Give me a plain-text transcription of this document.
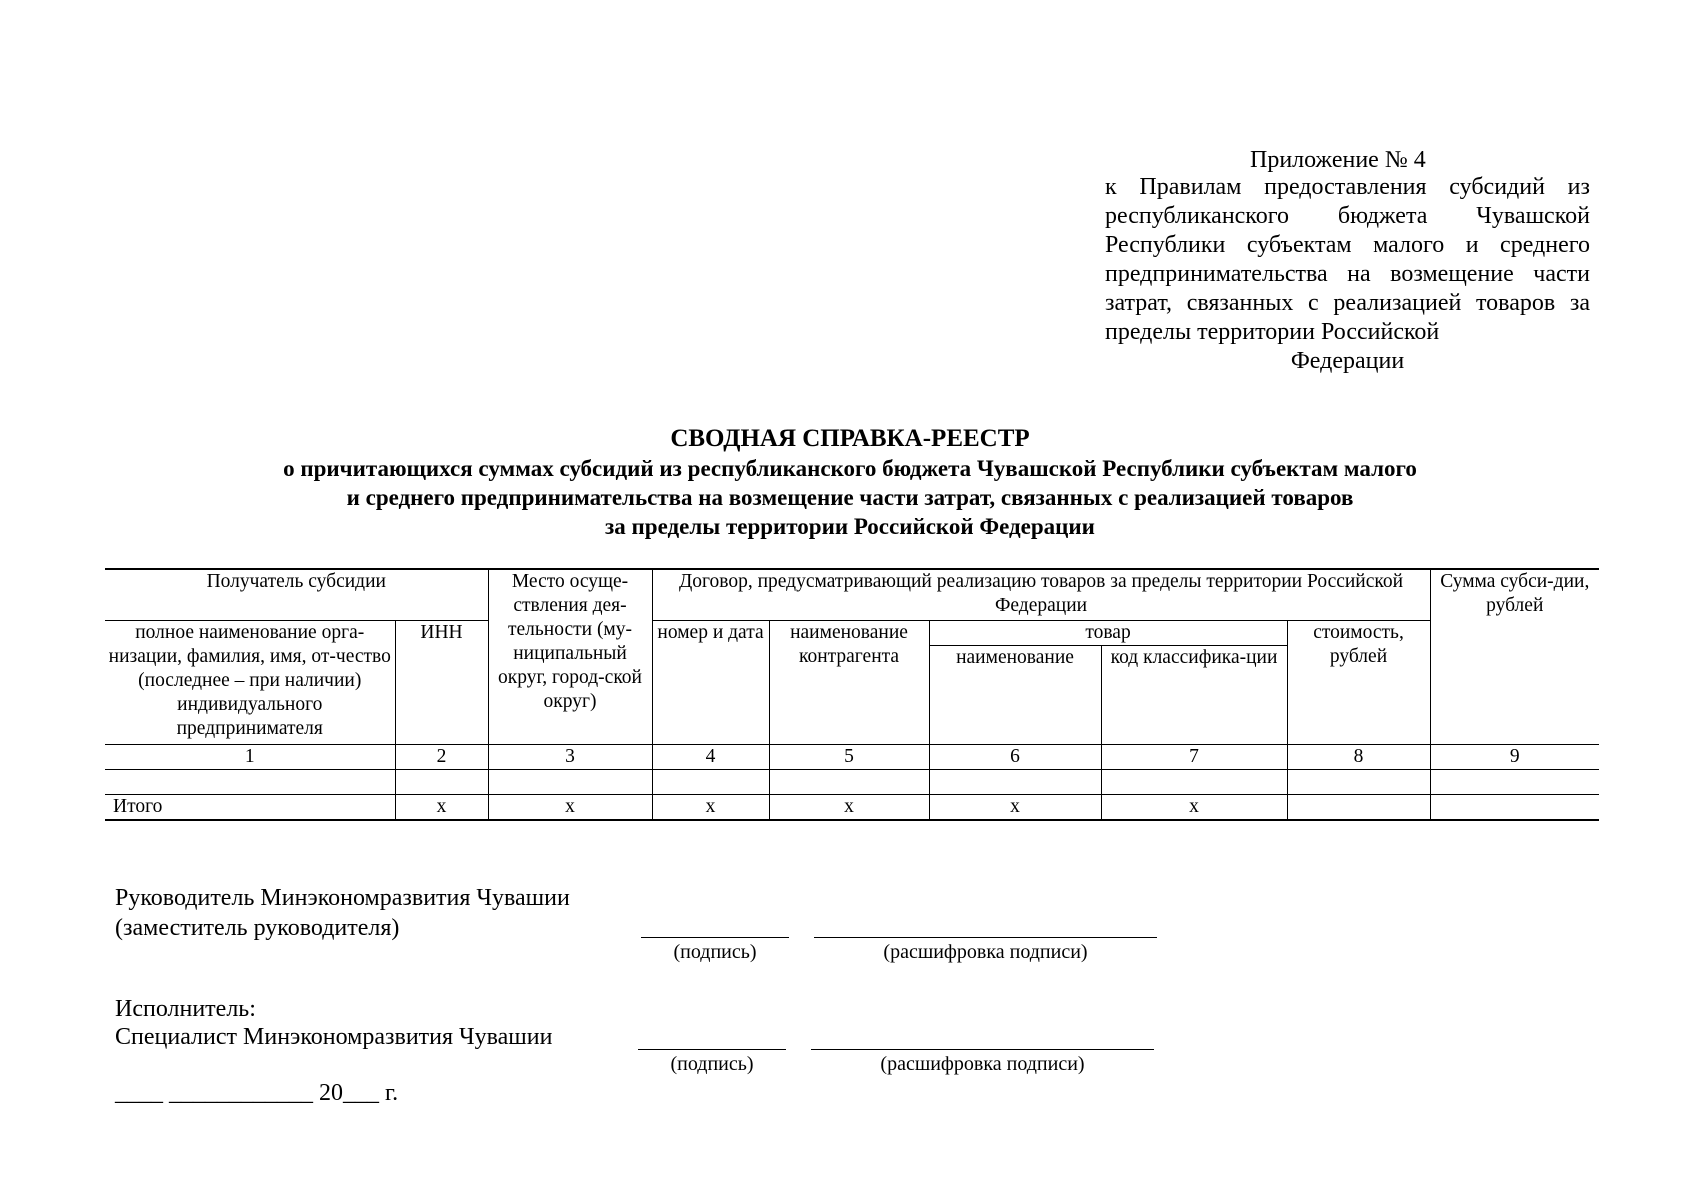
Приложение № 4
к Правилам предоставления субсидий из республиканского бюджета Чувашской Республики субъектам малого и среднего предпринимательства на возмещение части затрат, связанных с реализацией товаров за пределы территории Российской
Федерации
СВОДНАЯ СПРАВКА-РЕЕСТР
о причитающихся суммах субсидий из республиканского бюджета Чувашской Республики субъектам малого
и среднего предпринимательства на возмещение части затрат, связанных с реализацией товаров
за пределы территории Российской Федерации
Получатель субсидии		Место осуще-ствления дея-тельности (му-ниципальный округ, город-ской округ)	Договор, предусматривающий реализацию товаров за пределы территории Российской Федерации					Сумма субси-дии, рублей
полное наименование орга-низации, фамилия, имя, от-чество (последнее – при наличии) индивидуального предпринимателя	ИНН		номер и дата	наименование контрагента	товар		стоимость, рублей	
					наименование	код классифика-ции		
1	2	3	4	5	6	7	8	9

Итого	х	х	х	х	х	х		
Руководитель Минэкономразвития Чувашии
(заместитель руководителя)
(подпись)	(расшифровка подписи)
Исполнитель:
Специалист Минэкономразвития Чувашии
(подпись)	(расшифровка подписи)
____ ____________ 20___ г.
